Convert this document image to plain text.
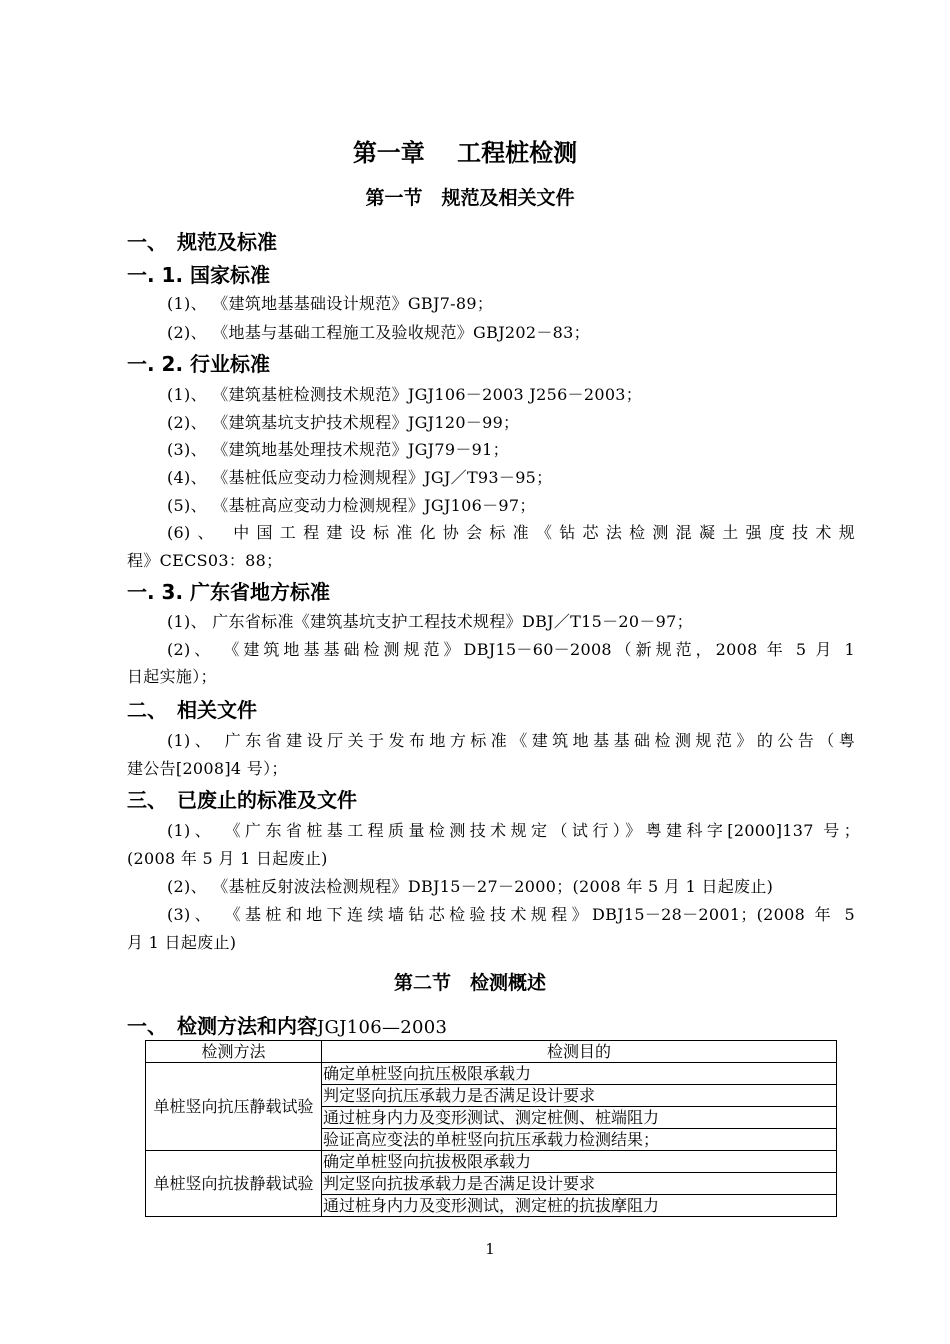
第一章　 工程桩检测
第一节　规范及相关文件
一、　规范及标准
一. 1. 国家标准
(1)、 《建筑地基基础设计规范》GBJ7-89；
(2)、 《地基与基础工程施工及验收规范》GBJ202－83；
一. 2. 行业标准
(1)、 《建筑基桩检测技术规范》JGJ106－2003 J256－2003；
(2)、 《建筑基坑支护技术规程》JGJ120－99；
(3)、 《建筑地基处理技术规范》JGJ79－91；
(4)、 《基桩低应变动力检测规程》JGJ／T93－95；
(5)、 《基桩高应变动力检测规程》JGJ106－97；
(6)、 中国工程建设标准化协会标准《钻芯法检测混凝土强度技术规
程》CECS03：88；
一. 3. 广东省地方标准
(1)、 广东省标准《建筑基坑支护工程技术规程》DBJ／T15－20－97；
(2)、 《建筑地基基础检测规范》DBJ15－60－2008（新规范，2008 年 5 月 1
日起实施）；
二、　相关文件
(1)、 广东省建设厅关于发布地方标准《建筑地基基础检测规范》的公告（粤
建公告[2008]4 号）；
三、　已废止的标准及文件
(1)、 《广东省桩基工程质量检测技术规定（试行）》粤建科字[2000]137 号；
(2008 年 5 月 1 日起废止)
(2)、 《基桩反射波法检测规程》DBJ15－27－2000；(2008 年 5 月 1 日起废止)
(3)、 《基桩和地下连续墙钻芯检验技术规程》DBJ15－28－2001；(2008 年 5
月 1 日起废止)
第二节　检测概述
一、　检测方法和内容JGJ106—2003
检测方法	检测目的
单桩竖向抗压静载试验	确定单桩竖向抗压极限承载力
	判定竖向抗压承载力是否满足设计要求
	通过桩身内力及变形测试、测定桩侧、桩端阻力
	验证高应变法的单桩竖向抗压承载力检测结果；
单桩竖向抗拔静载试验	确定单桩竖向抗拔极限承载力
	判定竖向抗拔承载力是否满足设计要求
	通过桩身内力及变形测试，测定桩的抗拔摩阻力
1
